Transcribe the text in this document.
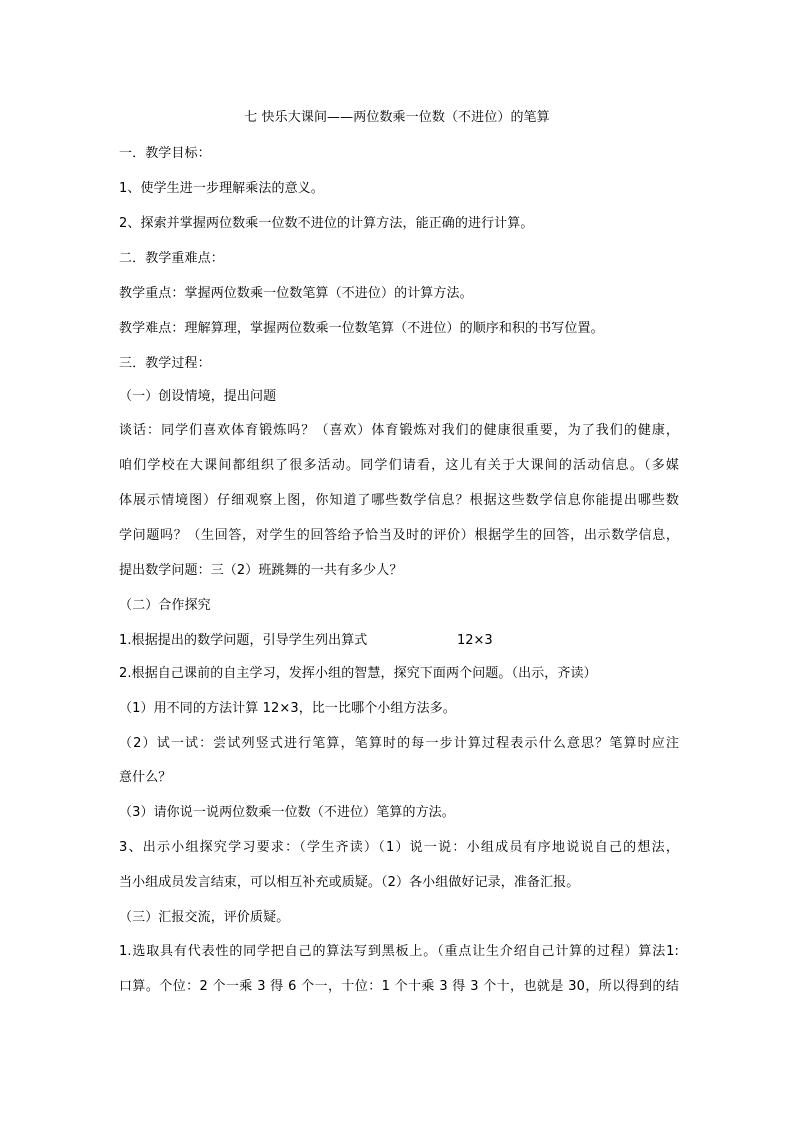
七 快乐大课间——两位数乘一位数（不进位）的笔算
一．教学目标：
1、使学生进一步理解乘法的意义。
2、探索并掌握两位数乘一位数不进位的计算方法，能正确的进行计算。
二．教学重难点：
教学重点：掌握两位数乘一位数笔算（不进位）的计算方法。
教学难点：理解算理，掌握两位数乘一位数笔算（不进位）的顺序和积的书写位置。
三．教学过程：
（一）创设情境，提出问题
谈话：同学们喜欢体育锻炼吗？（喜欢）体育锻炼对我们的健康很重要，为了我们的健康，
咱们学校在大课间都组织了很多活动。同学们请看，这儿有关于大课间的活动信息。（多媒
体展示情境图）仔细观察上图，你知道了哪些数学信息？根据这些数学信息你能提出哪些数
学问题吗？（生回答，对学生的回答给予恰当及时的评价）根据学生的回答，出示数学信息，
提出数学问题：三（2）班跳舞的一共有多少人？
（二）合作探究
1.根据提出的数学问题，引导学生列出算式	12×3
2.根据自己课前的自主学习，发挥小组的智慧，探究下面两个问题。（出示，齐读）
（1）用不同的方法计算 12×3，比一比哪个小组方法多。
（2）试一试：尝试列竖式进行笔算，笔算时的每一步计算过程表示什么意思？笔算时应注
意什么？
（3）请你说一说两位数乘一位数（不进位）笔算的方法。
3、出示小组探究学习要求：（学生齐读）（1）说一说：小组成员有序地说说自己的想法，
当小组成员发言结束，可以相互补充或质疑。（2）各小组做好记录，准备汇报。
（三）汇报交流，评价质疑。
1.选取具有代表性的同学把自己的算法写到黑板上。（重点让生介绍自己计算的过程）算法1:
口算。个位：2 个一乘 3 得 6 个一，十位：1 个十乘 3 得 3 个十，也就是 30，所以得到的结
